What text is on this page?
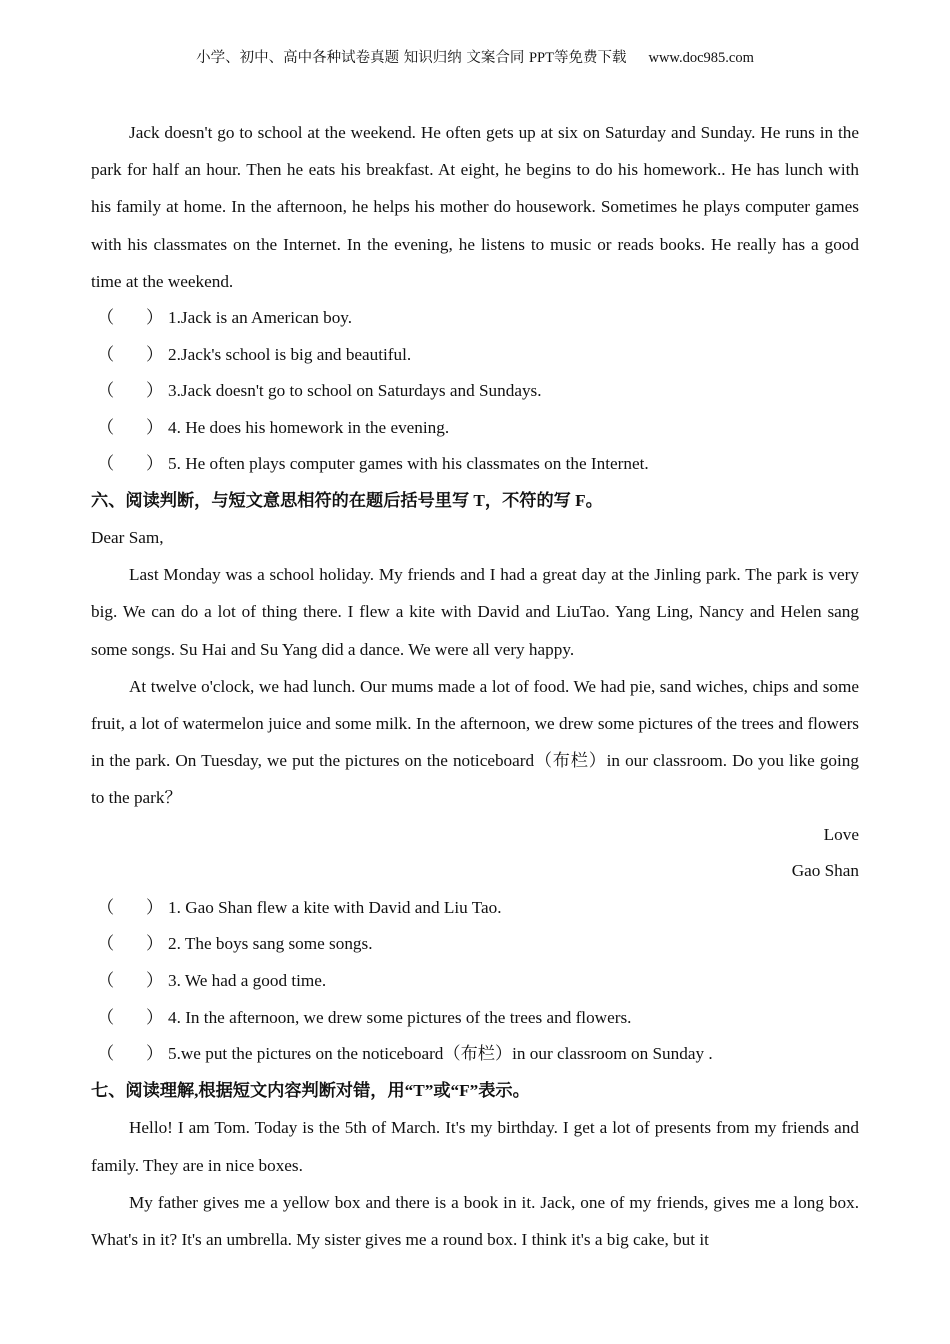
小学、初中、高中各种试卷真题 知识归纳 文案合同 PPT等免费下载 www.doc985.com

Jack doesn't go to school at the weekend. He often gets up at six on Saturday and Sunday. He runs in the park for half an hour. Then he eats his breakfast. At eight, he begins to do his homework.. He has lunch with his family at home. In the afternoon, he helps his mother do housework. Sometimes he plays computer games with his classmates on the Internet. In the evening, he listens to music or reads books. He really has a good time at the weekend.

（ ） 1.Jack is an American boy.
（ ） 2.Jack's school is big and beautiful.
（ ） 3.Jack doesn't go to school on Saturdays and Sundays.
（ ） 4. He does his homework in the evening.
（ ） 5. He often plays computer games with his classmates on the Internet.
六、阅读判断，与短文意思相符的在题后括号里写 T，不符的写 F。
Dear Sam,

Last Monday was a school holiday. My friends and I had a great day at the Jinling park. The park is very big. We can do a lot of thing there. I flew a kite with David and LiuTao. Yang Ling, Nancy and Helen sang some songs. Su Hai and Su Yang did a dance. We were all very happy.

At twelve o'clock, we had lunch. Our mums made a lot of food. We had pie, sand wiches, chips and some fruit, a lot of watermelon juice and some milk. In the afternoon, we drew some pictures of the trees and flowers in the park. On Tuesday, we put the pictures on the noticeboard（布栏）in our classroom. Do you like going to the park？

Love
Gao Shan
（ ） 1. Gao Shan flew a kite with David and Liu Tao.
（ ） 2. The boys sang some songs.
（ ） 3. We had a good time.
（ ） 4. In the afternoon, we drew some pictures of the trees and flowers.
（ ） 5.we put the pictures on the noticeboard（布栏）in our classroom on Sunday .
七、阅读理解,根据短文内容判断对错，用“T”或“F”表示。

Hello! I am Tom. Today is the 5th of March. It's my birthday. I get a lot of presents from my friends and family. They are in nice boxes.

My father gives me a yellow box and there is a book in it. Jack, one of my friends, gives me a long box. What's in it? It's an umbrella. My sister gives me a round box. I think it's a big cake, but it
